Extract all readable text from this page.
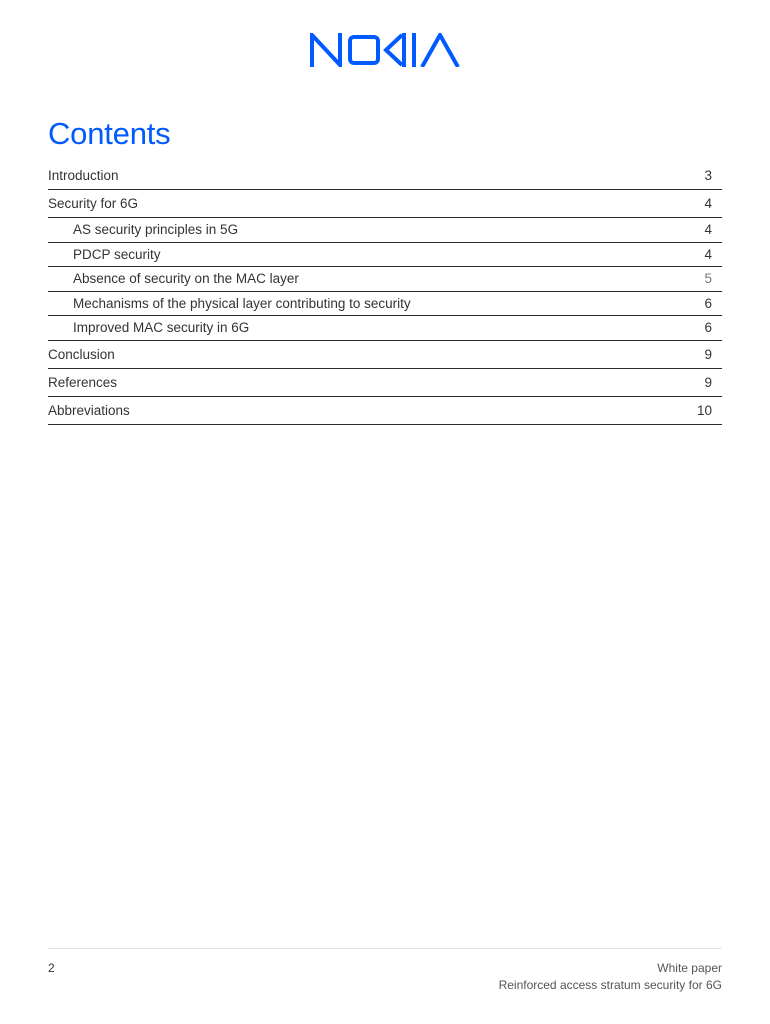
Contents
Introduction	3
Security for 6G	4
AS security principles in 5G	4
PDCP security	4
Absence of security on the MAC layer	5
Mechanisms of the physical layer contributing to security	6
Improved MAC security in 6G	6
Conclusion	9
References	9
Abbreviations	10
2	White paper
Reinforced access stratum security for 6G
